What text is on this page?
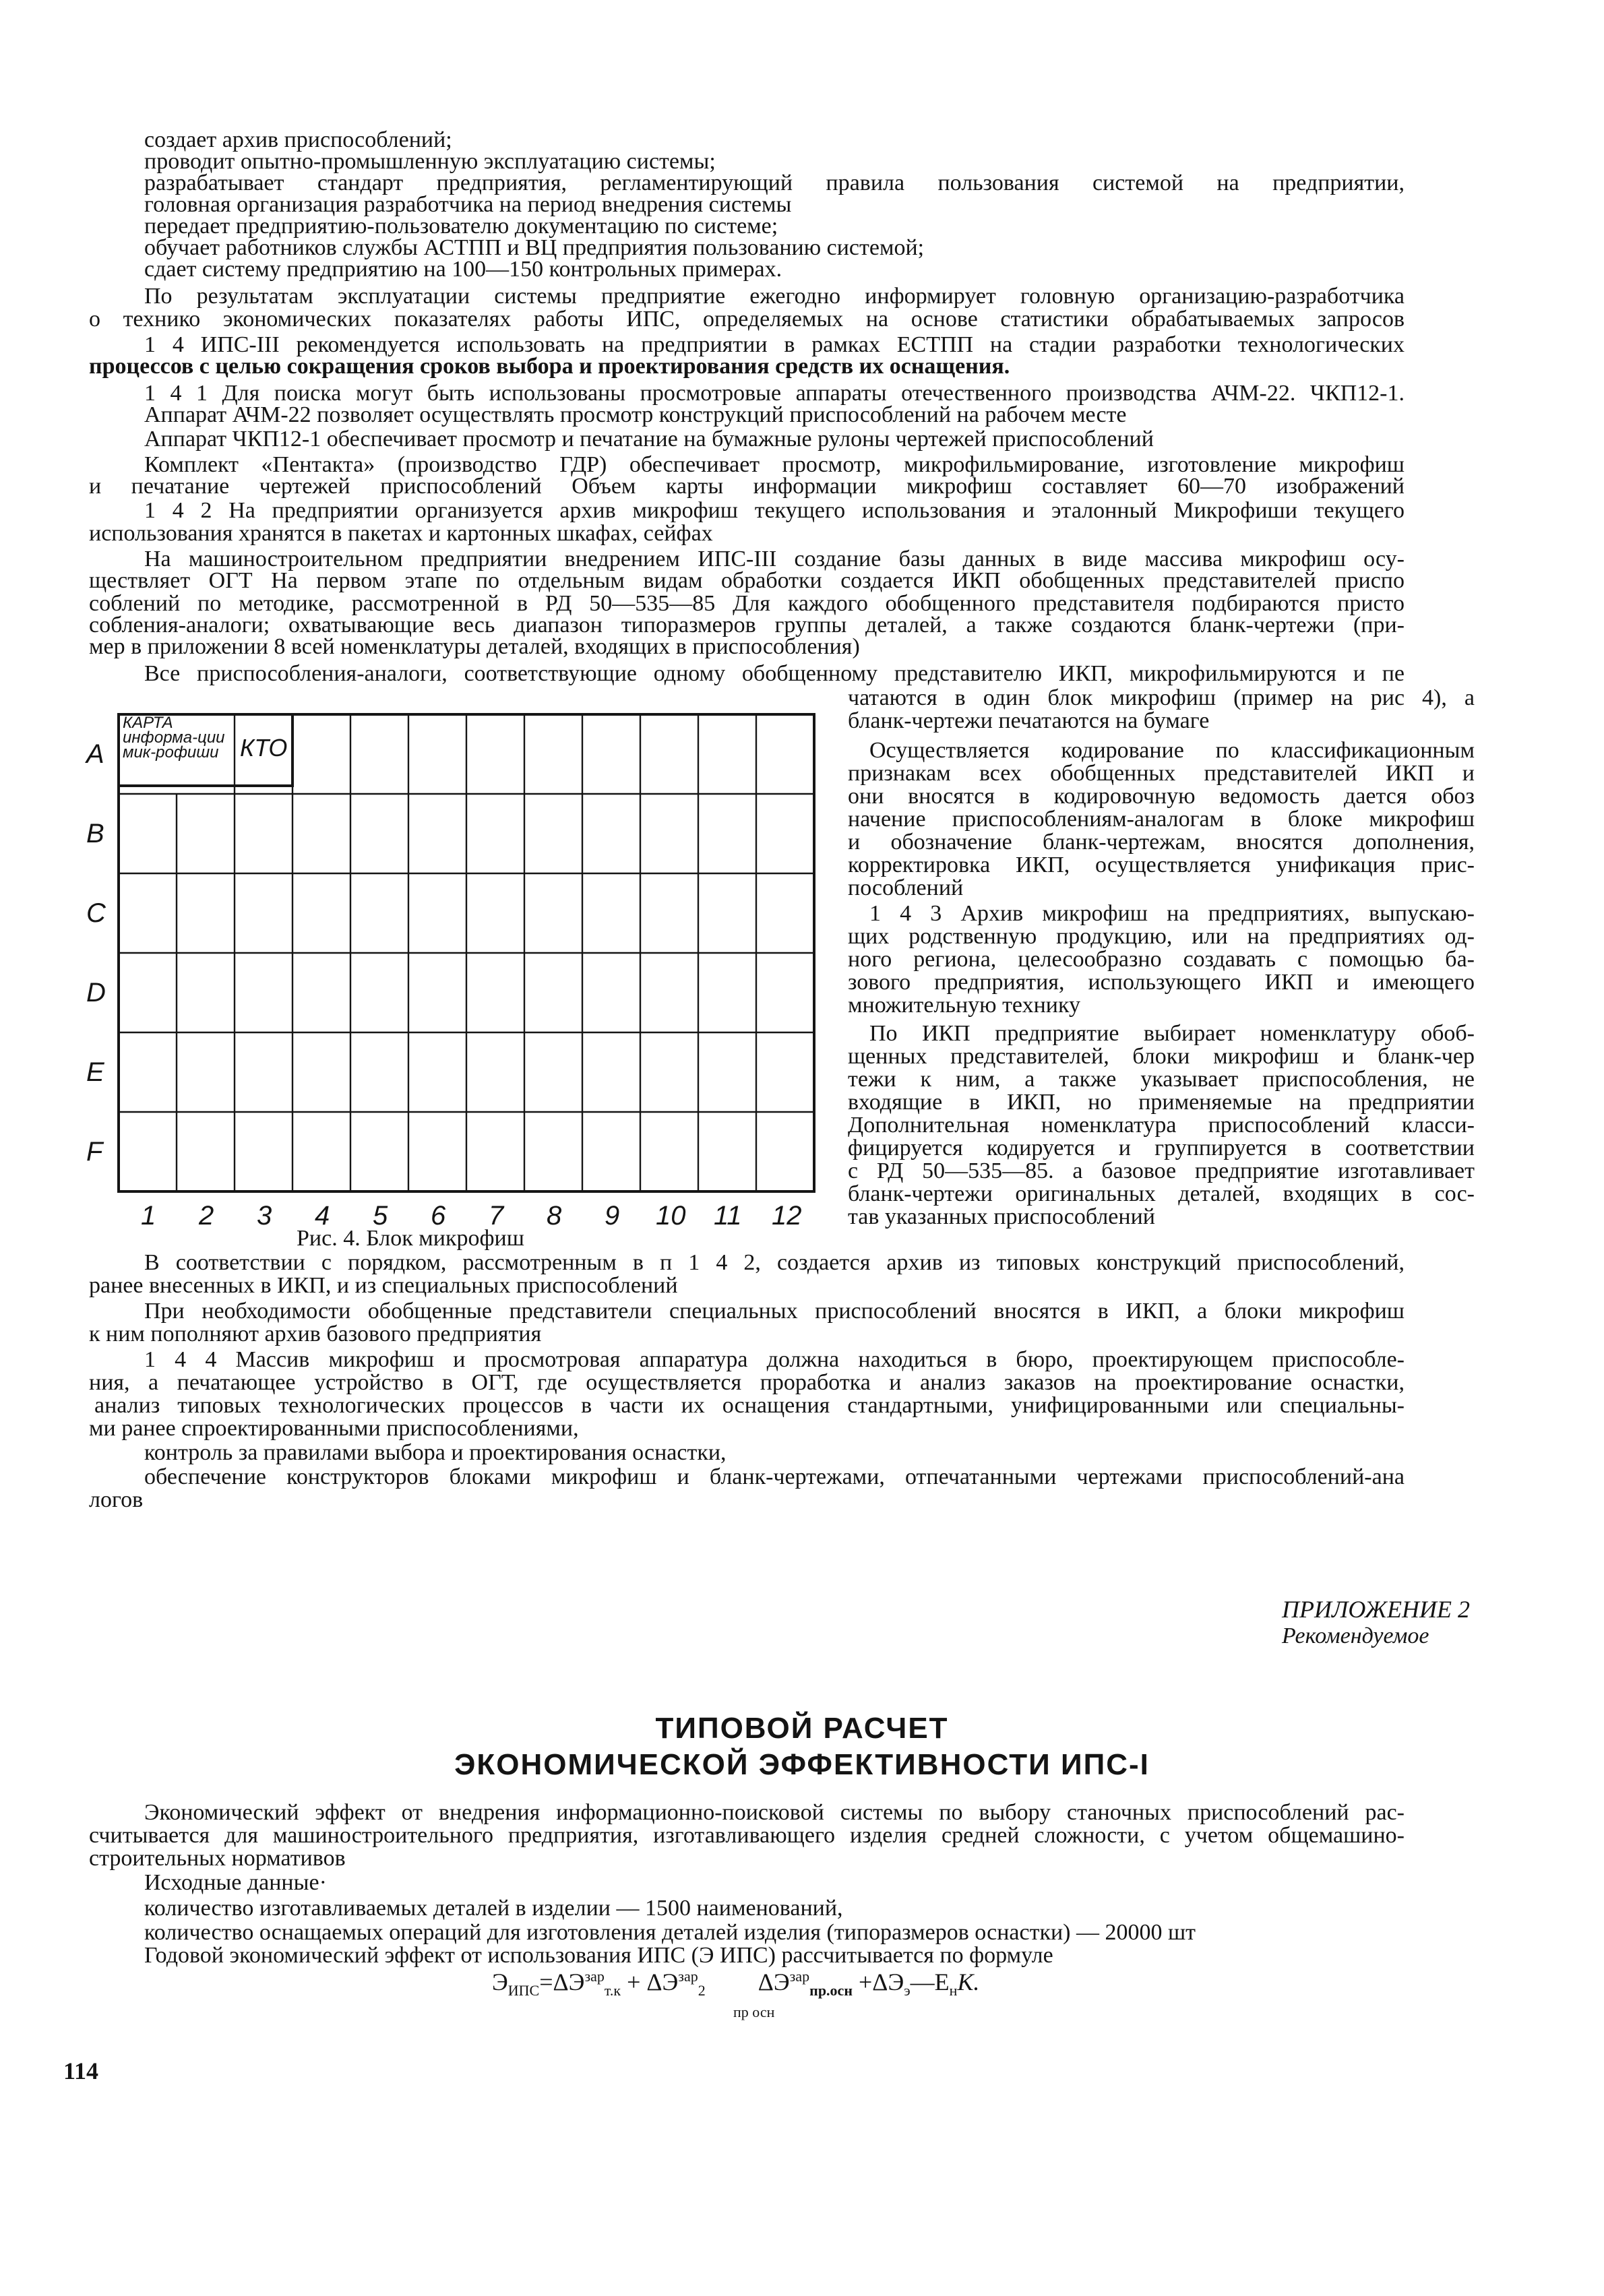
создает архив приспособлений;
проводит опытно-промышленную эксплуатацию системы;
разрабатывает стандарт предприятия, регламентирующий правила пользования системой на предприятии,
головная организация разработчика на период внедрения системы
передает предприятию-пользователю документацию по системе;
обучает работников службы АСТПП и ВЦ предприятия пользованию системой;
сдает систему предприятию на 100—150 контрольных примерах.
По результатам эксплуатации системы предприятие ежегодно информирует головную организацию-разработчика
о технико экономических показателях работы ИПС, определяемых на основе статистики обрабатываемых запросов
1 4 ИПС-III рекомендуется использовать на предприятии в рамках ЕСТПП на стадии разработки технологических
процессов с целью сокращения сроков выбора и проектирования средств их оснащения.
1 4 1 Для поиска могут быть использованы просмотровые аппараты отечественного производства АЧМ-22. ЧКП12-1.
Аппарат АЧМ-22 позволяет осуществлять просмотр конструкций приспособлений на рабочем месте
Аппарат ЧКП12-1 обеспечивает просмотр и печатание на бумажные рулоны чертежей приспособлений
Комплект «Пентакта» (производство ГДР) обеспечивает просмотр, микрофильмирование, изготовление микрофиш
и печатание чертежей приспособлений Объем карты информации микрофиш составляет 60—70 изображений
1 4 2 На предприятии организуется архив микрофиш текущего использования и эталонный Микрофиши текущего
использования хранятся в пакетах и картонных шкафах, сейфах
На машиностроительном предприятии внедрением ИПС-III создание базы данных в виде массива микрофиш осу-
ществляет ОГТ На первом этапе по отдельным видам обработки создается ИКП обобщенных представителей приспо
соблений по методике, рассмотренной в РД 50—535—85 Для каждого обобщенного представителя подбираются присто
собления-аналоги; охватывающие весь диапазон типоразмеров группы деталей, а также создаются бланк-чертежи (при-
мер в приложении 8 всей номенклатуры деталей, входящих в приспособления)
Все приспособления-аналоги, соответствующие одному обобщенному представителю ИКП, микрофильмируются и пе
чатаются в один блок микрофиш (пример на рис 4), а
бланк-чертежи печатаются на бумаге
Осуществляется кодирование по классификационным
признакам всех обобщенных представителей ИКП и
они вносятся в кодировочную ведомость дается обоз
начение приспособлениям-аналогам в блоке микрофиш
и обозначение бланк-чертежам, вносятся дополнения,
корректировка ИКП, осуществляется унификация прис-
пособлений
1 4 3 Архив микрофиш на предприятиях, выпускаю-
щих родственную продукцию, или на предприятиях од-
ного региона, целесообразно создавать с помощью ба-
зового предприятия, использующего ИКП и имеющего
множительную технику
По ИКП предприятие выбирает номенклатуру обоб-
щенных представителей, блоки микрофиш и бланк-чер
тежи к ним, а также указывает приспособления, не
входящие в ИКП, но применяемые на предприятии
Дополнительная номенклатура приспособлений класси-
фицируется кодируется и группируется в соответствии
с РД 50—535—85. а базовое предприятие изготавливает
бланк-чертежи оригинальных деталей, входящих в сос-
тав указанных приспособлений
A
B
C
D
E
F
1 2 3 4 5 6 7 8 9 10 11 12
КАРТА информа-ции мик-рофиши КТО
Рис. 4. Блок микрофиш
В соответствии с порядком, рассмотренным в п 1 4 2, создается архив из типовых конструкций приспособлений,
ранее внесенных в ИКП, и из специальных приспособлений
При необходимости обобщенные представители специальных приспособлений вносятся в ИКП, а блоки микрофиш
к ним пополняют архив базового предприятия
1 4 4 Массив микрофиш и просмотровая аппаратура должна находиться в бюро, проектирующем приспособле-
ния, а печатающее устройство в ОГТ, где осуществляется проработка и анализ заказов на проектирование оснастки,
анализ типовых технологических процессов в части их оснащения стандартными, унифицированными или специальны-
ми ранее спроектированными приспособлениями,
контроль за правилами выбора и проектирования оснастки,
обеспечение конструкторов блоками микрофиш и бланк-чертежами, отпечатанными чертежами приспособлений-ана
логов
ПРИЛОЖЕНИЕ 2
Рекомендуемое
ТИПОВОЙ РАСЧЕТ
ЭКОНОМИЧЕСКОЙ ЭФФЕКТИВНОСТИ ИПС-I
Экономический эффект от внедрения информационно-поисковой системы по выбору станочных приспособлений рас-
считывается для машиностроительного предприятия, изготавливающего изделия средней сложности, с учетом общемашино-
строительных нормативов
Исходные данные·
количество изготавливаемых деталей в изделии — 1500 наименований,
количество оснащаемых операций для изготовления деталей изделия (типоразмеров оснастки) — 20000 шт
Годовой экономический эффект от использования ИПС (Э ИПС) рассчитывается по формуле
$Э_{ИПС}=\Delta Э^{зар}_{т.к} + \Delta Э^{зар}_2$ $\Delta Э^{зар}_{пр.осн}$ $+\Delta Э_э—Е_нК$.
пр осн
114
